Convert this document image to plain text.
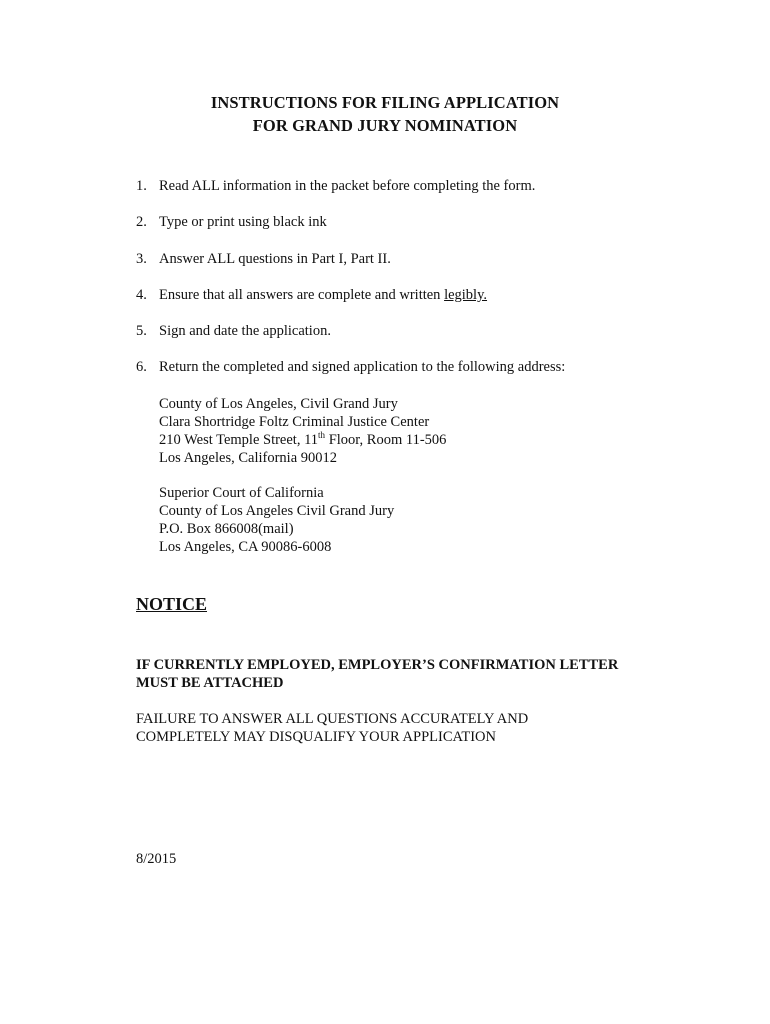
INSTRUCTIONS FOR FILING APPLICATION
FOR GRAND JURY NOMINATION
1. Read ALL information in the packet before completing the form.
2. Type or print using black ink
3. Answer ALL questions in Part I, Part II.
4. Ensure that all answers are complete and written legibly.
5. Sign and date the application.
6. Return the completed and signed application to the following address:
County of Los Angeles, Civil Grand Jury
Clara Shortridge Foltz Criminal Justice Center
210 West Temple Street, 11th Floor, Room 11-506
Los Angeles, California 90012
Superior Court of California
County of Los Angeles Civil Grand Jury
P.O. Box 866008(mail)
Los Angeles, CA 90086-6008
NOTICE
IF CURRENTLY EMPLOYED, EMPLOYER’S CONFIRMATION LETTER
MUST BE ATTACHED
FAILURE TO ANSWER ALL QUESTIONS ACCURATELY AND
COMPLETELY MAY DISQUALIFY YOUR APPLICATION
8/2015
